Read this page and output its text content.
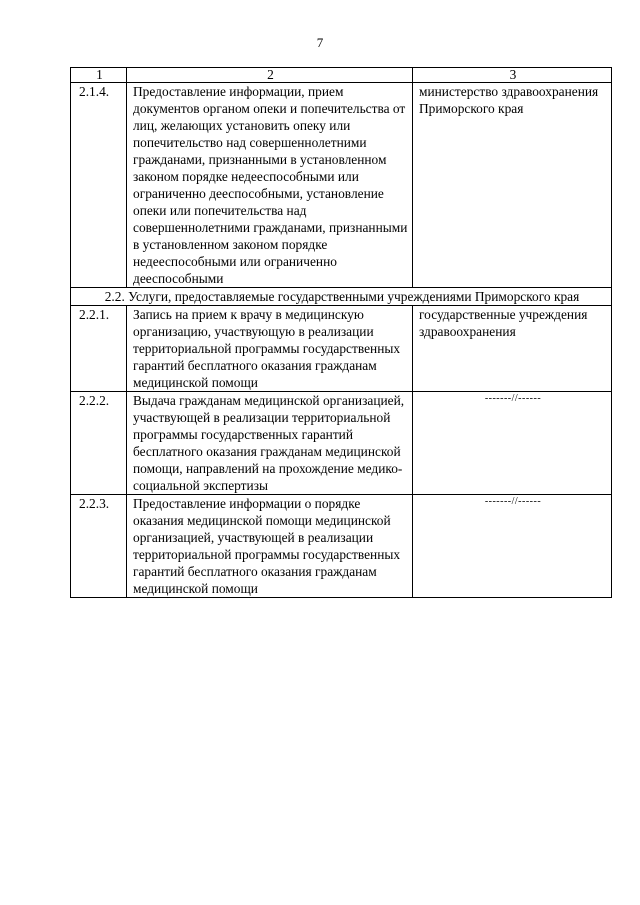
7
1	2	3
2.1.4.	Предоставление информации, прием документов органом опеки и попечительства от лиц, желающих установить опеку или попечительство над совершеннолетними гражданами, признанными в установленном законом порядке недееспособными или ограниченно дееспособными, установление опеки или попечительства над совершеннолетними гражданами, признанными в установленном законом порядке недееспособными или ограниченно дееспособными	министерство здравоохранения Приморского края
2.2. Услуги, предоставляемые государственными учреждениями Приморского края		
2.2.1.	Запись на прием к врачу в медицинскую организацию, участвующую в реализации территориальной программы государственных гарантий бесплатного оказания гражданам медицинской помощи	государственные учреждения здравоохранения
2.2.2.	Выдача гражданам медицинской организацией, участвующей в реализации территориальной программы государственных гарантий бесплатного оказания гражданам медицинской помощи, направлений на прохождение медико-социальной экспертизы	-------//------
2.2.3.	Предоставление информации о порядке оказания медицинской помощи медицинской организацией, участвующей в реализации территориальной программы государственных гарантий бесплатного оказания гражданам медицинской помощи	-------//------
